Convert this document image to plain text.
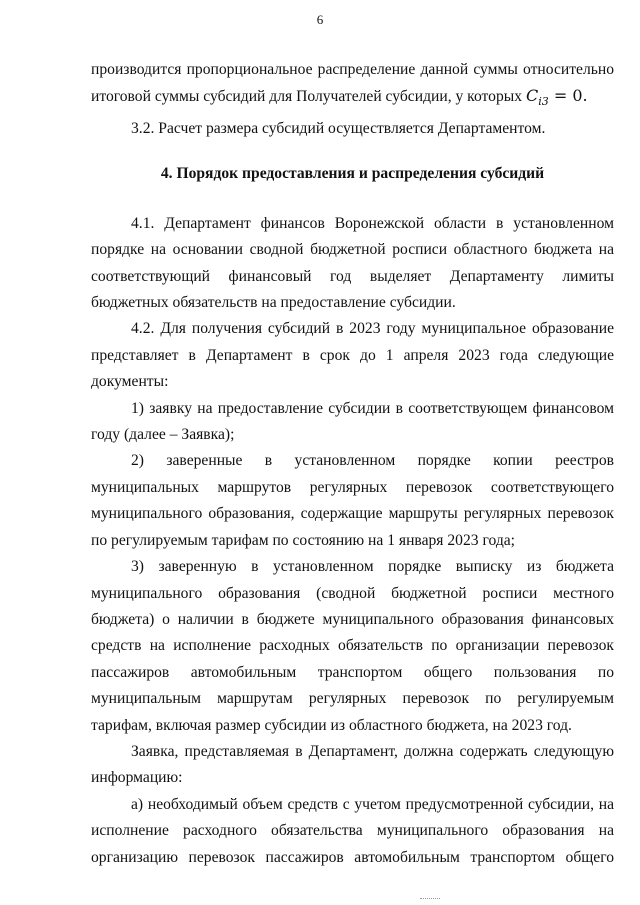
6

производится пропорциональное распределение данной суммы относительно

итоговой суммы субсидий для Получателей субсидии, у которых $C_{i3} = 0$.

3.2. Расчет размера субсидий осуществляется Департаментом.

4. Порядок предоставления и распределения субсидий

4.1. Департамент финансов Воронежской области в установленном порядке на основании сводной бюджетной росписи областного бюджета на соответствующий финансовый год выделяет Департаменту лимиты бюджетных обязательств на предоставление субсидии.

4.2. Для получения субсидий в 2023 году муниципальное образование представляет в Департамент в срок до 1 апреля 2023 года следующие документы:

1) заявку на предоставление субсидии в соответствующем финансовом году (далее – Заявка);

2) заверенные в установленном порядке копии реестров муниципальных маршрутов регулярных перевозок соответствующего муниципального образования, содержащие маршруты регулярных перевозок по регулируемым тарифам по состоянию на 1 января 2023 года;

3) заверенную в установленном порядке выписку из бюджета муниципального образования (сводной бюджетной росписи местного бюджета) о наличии в бюджете муниципального образования финансовых средств на исполнение расходных обязательств по организации перевозок пассажиров автомобильным транспортом общего пользования по муниципальным маршрутам регулярных перевозок по регулируемым тарифам, включая размер субсидии из областного бюджета, на 2023 год.

Заявка, представляемая в Департамент, должна содержать следующую информацию:

а) необходимый объем средств с учетом предусмотренной субсидии, на исполнение расходного обязательства муниципального образования на организацию перевозок пассажиров автомобильным транспортом общего
